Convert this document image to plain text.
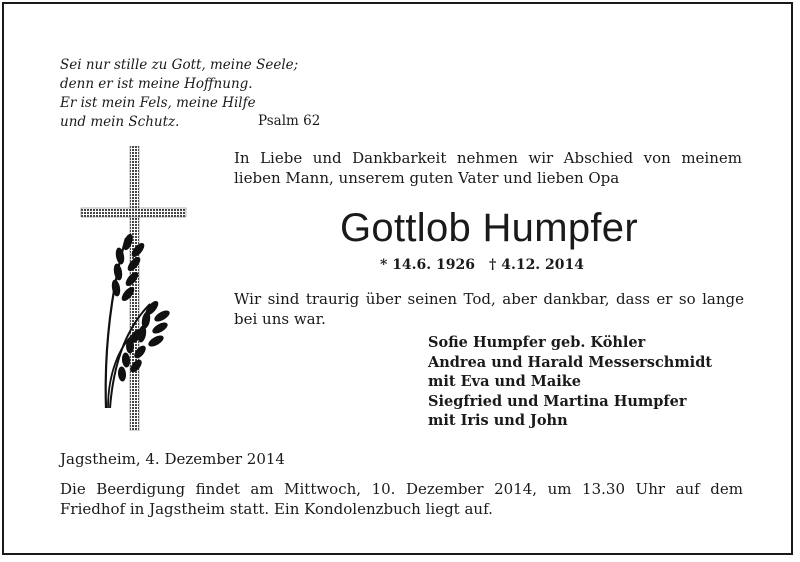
Sei nur stille zu Gott, meine Seele;
denn er ist meine Hoffnung.
Er ist mein Fels, meine Hilfe
und mein Schutz.	Psalm 62
In Liebe und Dankbarkeit nehmen wir Abschied von meinem lieben Mann, unserem guten Vater und lieben Opa
Gottlob Humpfer
* 14.6. 1926 † 4.12. 2014
Wir sind traurig über seinen Tod, aber dankbar, dass er so lange bei uns war.
Sofie Humpfer geb. Köhler
Andrea und Harald Messerschmidt
mit Eva und Maike
Siegfried und Martina Humpfer
mit Iris und John
Jagstheim, 4. Dezember 2014
Die Beerdigung findet am Mittwoch, 10. Dezember 2014, um 13.30 Uhr auf dem Friedhof in Jagstheim statt. Ein Kondolenzbuch liegt auf.
